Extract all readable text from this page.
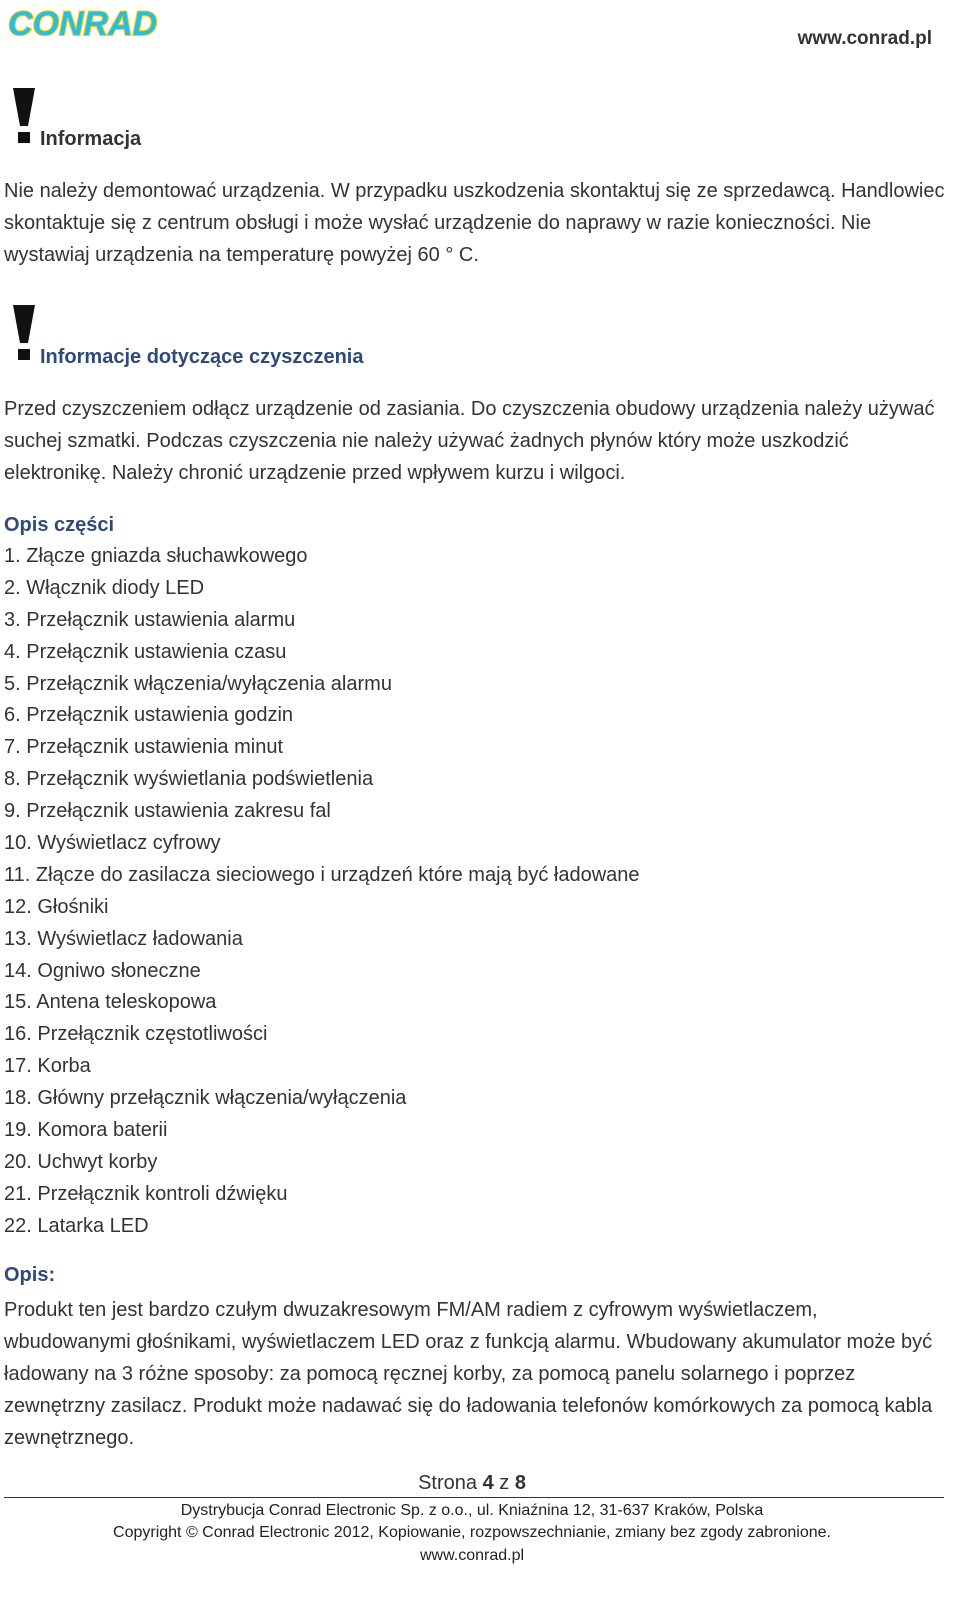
CONRAD	www.conrad.pl
Informacja
Nie należy demontować urządzenia. W przypadku uszkodzenia skontaktuj się ze sprzedawcą. Handlowiec skontaktuje się z centrum obsługi i może wysłać urządzenie do naprawy w razie konieczności. Nie wystawiaj urządzenia na temperaturę powyżej 60 ° C.
Informacje dotyczące czyszczenia
Przed czyszczeniem odłącz urządzenie od zasiania. Do czyszczenia obudowy urządzenia należy używać suchej szmatki. Podczas czyszczenia nie należy używać żadnych płynów który może uszkodzić elektronikę. Należy chronić urządzenie przed wpływem kurzu i wilgoci.
Opis części
1. Złącze gniazda słuchawkowego
2. Włącznik diody LED
3. Przełącznik ustawienia alarmu
4. Przełącznik ustawienia czasu
5. Przełącznik włączenia/wyłączenia alarmu
6. Przełącznik ustawienia godzin
7. Przełącznik ustawienia minut
8. Przełącznik wyświetlania podświetlenia
9. Przełącznik ustawienia zakresu fal
10. Wyświetlacz cyfrowy
11. Złącze do zasilacza sieciowego i urządzeń które mają być ładowane
12. Głośniki
13. Wyświetlacz ładowania
14. Ogniwo słoneczne
15. Antena teleskopowa
16. Przełącznik częstotliwości
17. Korba
18. Główny przełącznik włączenia/wyłączenia
19. Komora baterii
20. Uchwyt korby
21. Przełącznik kontroli dźwięku
22. Latarka LED
Opis:
Produkt ten jest bardzo czułym dwuzakresowym FM/AM radiem z cyfrowym wyświetlaczem, wbudowanymi głośnikami, wyświetlaczem LED oraz z funkcją alarmu. Wbudowany akumulator może być ładowany na 3 różne sposoby: za pomocą ręcznej korby, za pomocą panelu solarnego i poprzez zewnętrzny zasilacz. Produkt może nadawać się do ładowania telefonów komórkowych za pomocą kabla zewnętrznego.
Strona 4 z 8
Dystrybucja Conrad Electronic Sp. z o.o., ul. Kniaźnina 12, 31-637 Kraków, Polska
Copyright © Conrad Electronic 2012, Kopiowanie, rozpowszechnianie, zmiany bez zgody zabronione.
www.conrad.pl
